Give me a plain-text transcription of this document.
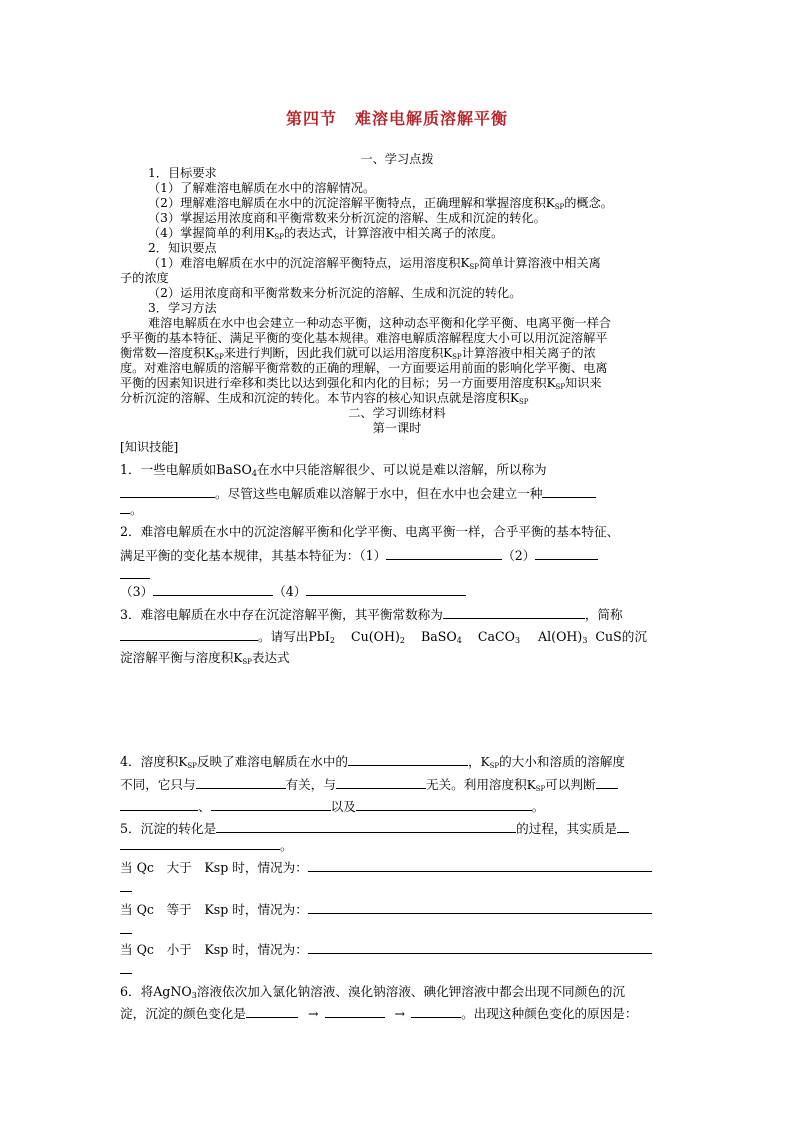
第四节 难溶电解质溶解平衡
一、学习点拨
1．目标要求
（1）了解难溶电解质在水中的溶解情况。
（2）理解难溶电解质在水中的沉淀溶解平衡特点，正确理解和掌握溶度积$K_{SP}$的概念。
（3）掌握运用浓度商和平衡常数来分析沉淀的溶解、生成和沉淀的转化。
（4）掌握简单的利用$K_{SP}$的表达式，计算溶液中相关离子的浓度。
2．知识要点
（1）难溶电解质在水中的沉淀溶解平衡特点，运用溶度积$K_{SP}$简单计算溶液中相关离
子的浓度
（2）运用浓度商和平衡常数来分析沉淀的溶解、生成和沉淀的转化。
3．学习方法
难溶电解质在水中也会建立一种动态平衡，这种动态平衡和化学平衡、电离平衡一样合
乎平衡的基本特征、满足平衡的变化基本规律。难溶电解质溶解程度大小可以用沉淀溶解平
衡常数—溶度积$K_{SP}$来进行判断，因此我们就可以运用溶度积$K_{SP}$计算溶液中相关离子的浓
度。对难溶电解质的溶解平衡常数的正确的理解，一方面要运用前面的影响化学平衡、电离
平衡的因素知识进行牵移和类比以达到强化和内化的目标；另一方面要用溶度积$K_{SP}$知识来
分析沉淀的溶解、生成和沉淀的转化。本节内容的核心知识点就是溶度积$K_{SP}$
二、学习训练材料
第一课时
[知识技能]
1．一些电解质如BaSO$_4$在水中只能溶解很少、可以说是难以溶解，所以称为
。尽管这些电解质难以溶解于水中，但在水中也会建立一种
。
2．难溶电解质在水中的沉淀溶解平衡和化学平衡、电离平衡一样，合乎平衡的基本特征、
满足平衡的变化基本规律，其基本特征为：（1）	（2）
（3）	（4）
3．难溶电解质在水中存在沉淀溶解平衡，其平衡常数称为	，简称
。请写出PbI$_2$ $Cu(OH)_2$ BaSO$_4$ CaCO$_3$ $Al(OH)_3$ CuS的沉
淀溶解平衡与溶度积$K_{SP}$表达式
4．溶度积$K_{SP}$反映了难溶电解质在水中的	，$K_{SP}$的大小和溶质的溶解度
不同，它只与	有关，与	无关。利用溶度积$K_{SP}$可以判断
、	以及	。
5．沉淀的转化是	的过程，其实质是
。
当 Qc　大于　Ksp 时，情况为：
当 Qc　等于　Ksp 时，情况为：
当 Qc　小于　Ksp 时，情况为：
6．将AgNO$_3$溶液依次加入氯化钠溶液、溴化钠溶液、碘化钾溶液中都会出现不同颜色的沉
淀，沉淀的颜色变化是	→	→	。出现这种颜色变化的原因是：
